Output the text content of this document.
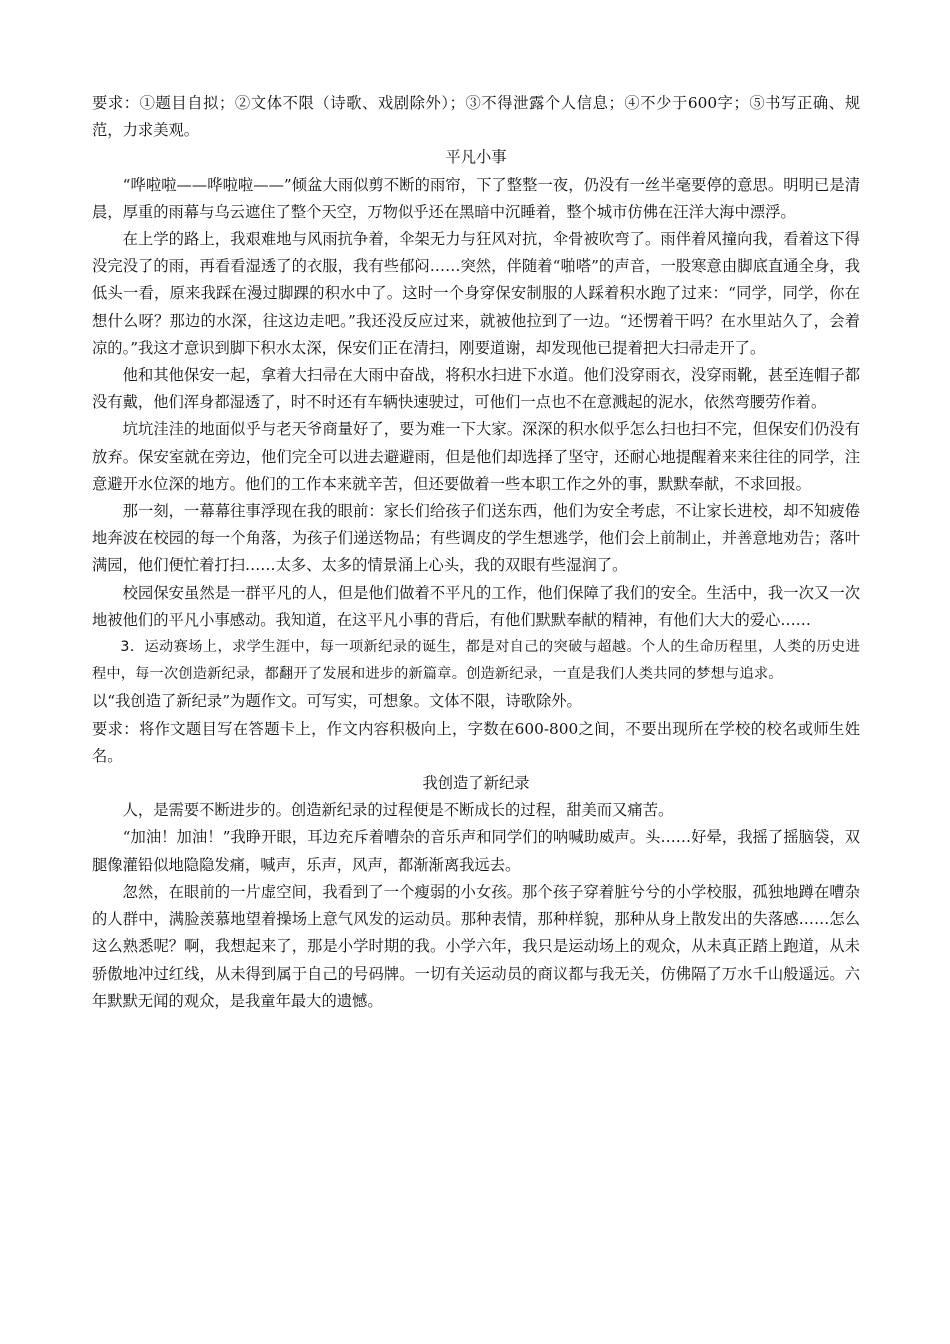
要求：①题目自拟；②文体不限（诗歌、戏剧除外）；③不得泄露个人信息；④不少于600字；⑤书写正确、规范，力求美观。

平凡小事

“哗啦啦——哗啦啦——”倾盆大雨似剪不断的雨帘，下了整整一夜，仍没有一丝半毫要停的意思。明明已是清晨，厚重的雨幕与乌云遮住了整个天空，万物似乎还在黑暗中沉睡着，整个城市仿佛在汪洋大海中漂浮。

在上学的路上，我艰难地与风雨抗争着，伞架无力与狂风对抗，伞骨被吹弯了。雨伴着风撞向我，看着这下得没完没了的雨，再看看湿透了的衣服，我有些郁闷……突然，伴随着“啪嗒”的声音，一股寒意由脚底直通全身，我低头一看，原来我踩在漫过脚踝的积水中了。这时一个身穿保安制服的人踩着积水跑了过来：“同学，同学，你在想什么呀？那边的水深，往这边走吧。”我还没反应过来，就被他拉到了一边。“还愣着干吗？在水里站久了，会着凉的。”我这才意识到脚下积水太深，保安们正在清扫，刚要道谢，却发现他已提着把大扫帚走开了。

他和其他保安一起，拿着大扫帚在大雨中奋战，将积水扫进下水道。他们没穿雨衣，没穿雨靴，甚至连帽子都没有戴，他们浑身都湿透了，时不时还有车辆快速驶过，可他们一点也不在意溅起的泥水，依然弯腰劳作着。

坑坑洼洼的地面似乎与老天爷商量好了，要为难一下大家。深深的积水似乎怎么扫也扫不完，但保安们仍没有放弃。保安室就在旁边，他们完全可以进去避避雨，但是他们却选择了坚守，还耐心地提醒着来来往往的同学，注意避开水位深的地方。他们的工作本来就辛苦，但还要做着一些本职工作之外的事，默默奉献，不求回报。

那一刻，一幕幕往事浮现在我的眼前：家长们给孩子们送东西，他们为安全考虑，不让家长进校，却不知疲倦地奔波在校园的每一个角落，为孩子们递送物品；有些调皮的学生想逃学，他们会上前制止，并善意地劝告；落叶满园，他们便忙着打扫……太多、太多的情景涌上心头，我的双眼有些湿润了。

校园保安虽然是一群平凡的人，但是他们做着不平凡的工作，他们保障了我们的安全。生活中，我一次又一次地被他们的平凡小事感动。我知道，在这平凡小事的背后，有他们默默奉献的精神，有他们大大的爱心……

3．运动赛场上，求学生涯中，每一项新纪录的诞生，都是对自己的突破与超越。个人的生命历程里，人类的历史进程中，每一次创造新纪录，都翻开了发展和进步的新篇章。创造新纪录，一直是我们人类共同的梦想与追求。

以“我创造了新纪录”为题作文。可写实，可想象。文体不限，诗歌除外。

要求：将作文题目写在答题卡上，作文内容积极向上，字数在600-800之间，不要出现所在学校的校名或师生姓名。

我创造了新纪录

人，是需要不断进步的。创造新纪录的过程便是不断成长的过程，甜美而又痛苦。

“加油！加油！”我睁开眼，耳边充斥着嘈杂的音乐声和同学们的呐喊助威声。头……好晕，我摇了摇脑袋，双腿像灌铅似地隐隐发痛，喊声，乐声，风声，都渐渐离我远去。

忽然，在眼前的一片虚空间，我看到了一个瘦弱的小女孩。那个孩子穿着脏兮兮的小学校服，孤独地蹲在嘈杂的人群中，满脸羡慕地望着操场上意气风发的运动员。那种表情，那种样貌，那种从身上散发出的失落感……怎么这么熟悉呢？啊，我想起来了，那是小学时期的我。小学六年，我只是运动场上的观众，从未真正踏上跑道，从未骄傲地冲过红线，从未得到属于自己的号码牌。一切有关运动员的商议都与我无关，仿佛隔了万水千山般遥远。六年默默无闻的观众，是我童年最大的遗憾。
